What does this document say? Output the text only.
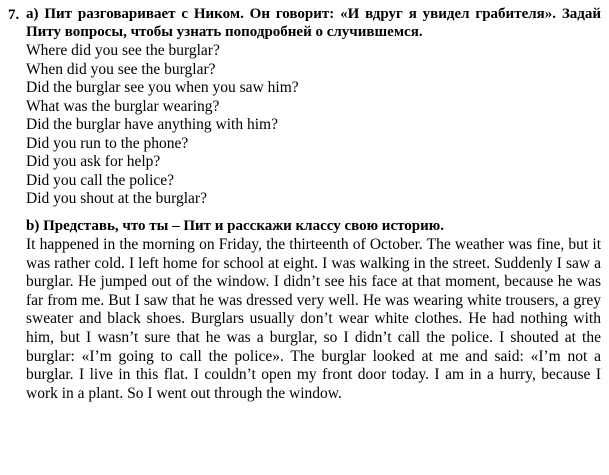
7. a) Пит разговаривает с Ником. Он говорит: «И вдруг я увидел грабителя». Задай Питу вопросы, чтобы узнать поподробней о случившемся.

Where did you see the burglar?
When did you see the burglar?
Did the burglar see you when you saw him?
What was the burglar wearing?
Did the burglar have anything with him?
Did you run to the phone?
Did you ask for help?
Did you call the police?
Did you shout at the burglar?

b) Представь, что ты – Пит и расскажи классу свою историю.

It happened in the morning on Friday, the thirteenth of October. The weather was fine, but it was rather cold. I left home for school at eight. I was walking in the street. Suddenly I saw a burglar. He jumped out of the window. I didn’t see his face at that moment, because he was far from me. But I saw that he was dressed very well. He was wearing white trousers, a grey sweater and black shoes. Burglars usually don’t wear white clothes. He had nothing with him, but I wasn’t sure that he was a burglar, so I didn’t call the police. I shouted at the burglar: «I’m going to call the police». The burglar looked at me and said: «I’m not a burglar. I live in this flat. I couldn’t open my front door today. I am in a hurry, because I work in a plant. So I went out through the window.
